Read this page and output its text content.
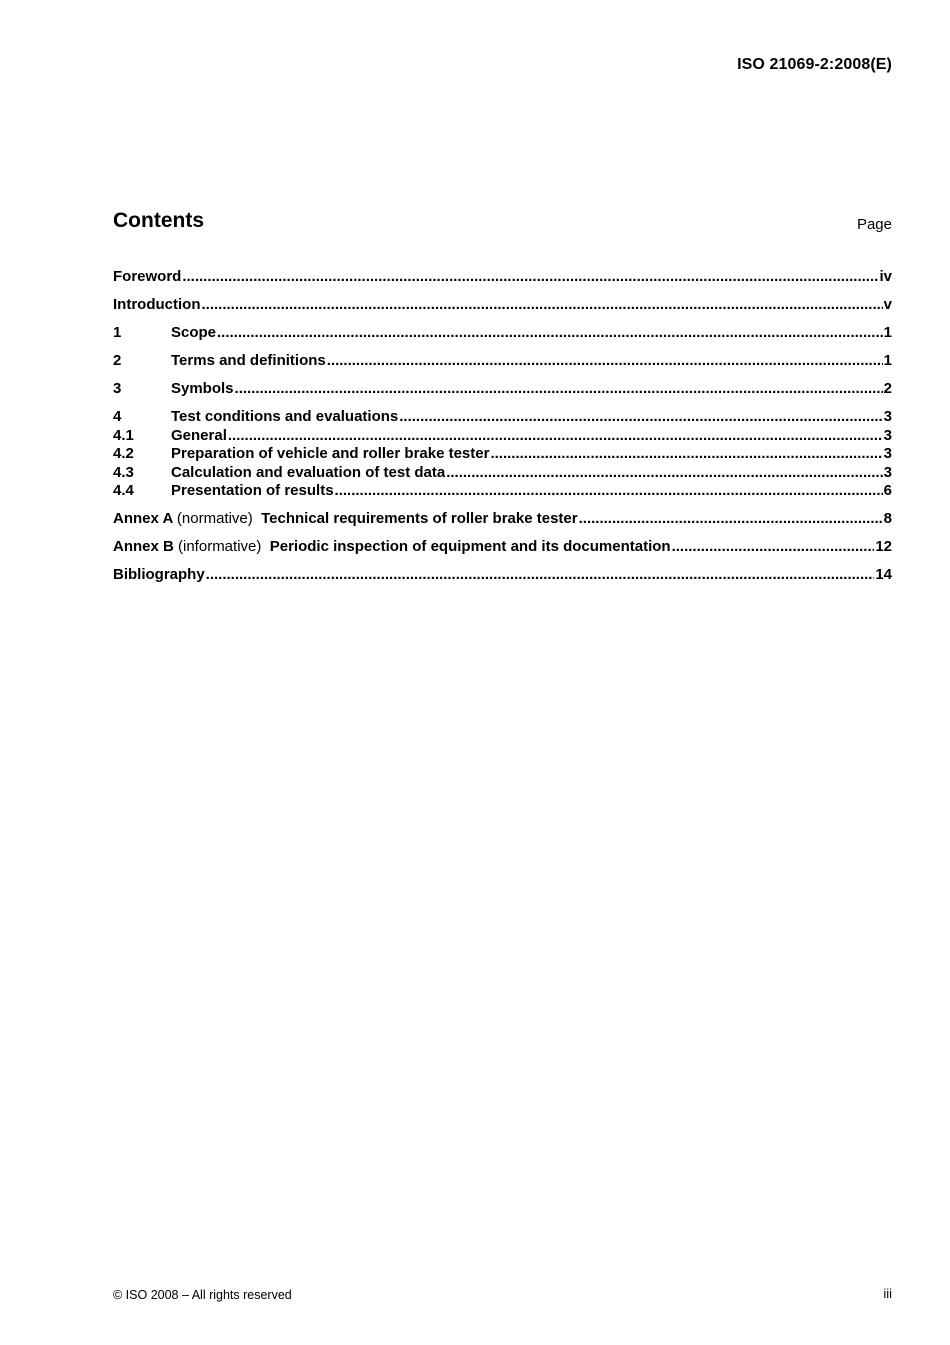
ISO 21069-2:2008(E)
Contents	Page
Foreword .....	iv
Introduction .....	v
1	Scope .....	1
2	Terms and definitions .....	1
3	Symbols .....	2
4	Test conditions and evaluations .....	3
4.1	General .....	3
4.2	Preparation of vehicle and roller brake tester .....	3
4.3	Calculation and evaluation of test data .....	3
4.4	Presentation of results .....	6
Annex A (normative) Technical requirements of roller brake tester .....	8
Annex B (informative) Periodic inspection of equipment and its documentation .....	12
Bibliography .....	14
© ISO 2008 – All rights reserved	iii
